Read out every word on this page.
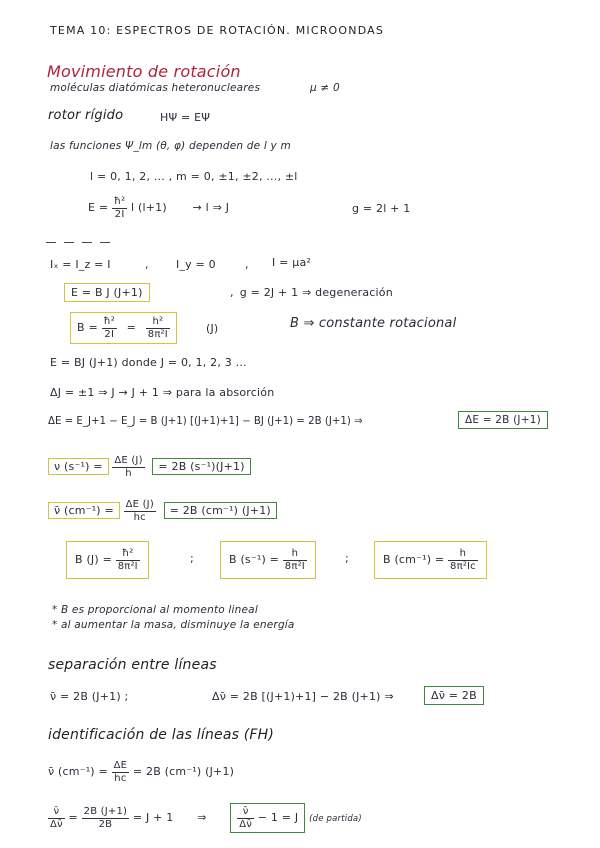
TEMA 10: ESPECTROS DE ROTACIÓN. MICROONDAS
Movimiento de rotación
moléculas diatómicas heteronucleares	μ ≠ 0
rotor rígido	HΨ = EΨ
las funciones Ψ_lm (θ, φ) dependen de l y m
l = 0, 1, 2, ... , m = 0, ±1, ±2, ..., ±l
$E = \frac{\text{ħ²}}{2I}$ l (l+1) → l ⇒ J	g = 2l + 1
Iₓ = I_z = I	, I_y = 0	, I = μa²
E = B J (J+1)	, g = 2J + 1 ⇒ degeneración
$B = \frac{\text{ħ²}}{2I} = \frac{\text{h²}}{\text{8π²I}}$	(J)	B ⇒ constante rotacional
E = BJ (J+1) donde J = 0, 1, 2, 3 ...
ΔJ = ±1 ⇒ J → J + 1 ⇒ para la absorción
ΔE = E_J+1 − E_J = B (J+1) [(J+1)+1] − BJ (J+1) = 2B (J+1) ⇒	ΔE = 2B (J+1)
ν $(s^{-1}) = \frac{\Delta E (J)}{h} = 2B$ (s⁻¹)(J+1)
ν̄ $(cm^{-1}) = \frac{\Delta E (J)}{hc} = 2B$ (cm⁻¹) (J+1)
B $(J) = \frac{\text{ħ²}}{\text{8π²I}}$	;	B $(s^{-1}) = \frac{h}{\text{8π²I}}$	;	B $(cm^{-1}) = \frac{h}{\text{8π²Ic}}$
* B es proporcional al momento lineal
* al aumentar la masa, disminuye la energía
separación entre líneas
ν̄ = 2B (J+1) ;	Δν̄ = 2B [(J+1)+1] − 2B (J+1) ⇒	Δν̄ = 2B
identificación de las líneas (FH)
ν̄ $(cm^{-1}) = \frac{\Delta E}{hc} = 2B$ (cm⁻¹) (J+1)
$\frac{\nū}{\Delta\nū} = \frac{2B (J+1)}{2B} = J + 1$ ⇒	$\frac{\nū}{\Delta\nū} - 1 = J$ (de partida)
